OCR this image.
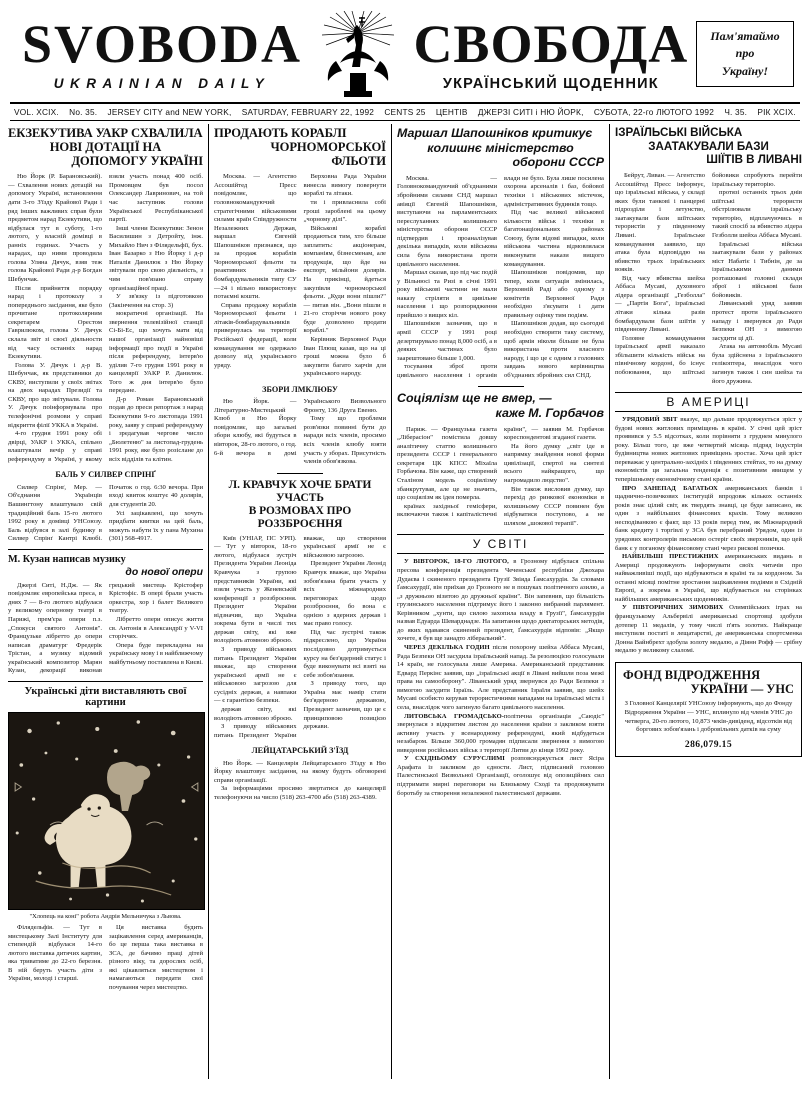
SVOBODA
UKRAINIAN DAILY
СВОБОДА
УКРАЇНСЬКИЙ ЩОДЕННИК
Пам'ятаймо
про
Україну!
VOL. XCIX. No. 35. JERSEY CITY and NEW YORK, SATURDAY, FEBRUARY 22, 1992 CENTS 25 ЦЕНТІВ ДЖЕРЗІ СИТІ і НЮ ЙОРК, СУБОТА, 22-го ЛЮТОГО 1992 Ч. 35. РІК XCIX.
ЕКЗЕКУТИВА УАКР СХВАЛИЛА
НОВІ ДОТАЦІЇ НА
ДОПОМОГУ УКРАЇНІ

Ню Йорк (Р. Барановський). — Схвалення нових дотацій на допомогу Україні, встановлення дати 3-го З'їзду Крайової Ради і ряд інших важливих справ були предметом нарад Екзекутиви, що відбулася тут в суботу, 1-го лютого, у власній домівці в ранніх годинах. Участь у нарадах, що ними проводила голова Уляна Дячук, взяв теж голова Крайової Ради д-р Богдан Шебунчак.

Після прийняття порядку нарад і протоколу з попереднього засідання, яке було прочитане протоколярним секретарем Орестом Гаврилюком, голова У. Дячук склала звіт зі своєї діяльности від часу останніх нарад Екзекутиви.

Голова У. Дячук і д-р В. Шебунчак, як представники до СКВУ, виступили у своїх звітах на двох нарадах Президії та СКВУ, про що звітували. Голова У. Дячук поінформувала про телефонічні розмови у справі відкриття філії УККА в Україні.

4-го грудня 1991 року обі двірці, УАКР і УККА, спільно влаштували вечір у справі референдуму в Україні, у якому взяли участь понад 400 осіб. Промовцем був посол Олександер Лавринович, на той час заступник голови Української Республіканської партії.

Інші члени Екзекутиви: Зенон Василишин з Детройту, інж. Михайло Нич з Філядельфії, бух. Іван Базарко з Ню Йорку і д-р Наталія Данилюк з Ню Йорку звітували про свою діяльність, з чим пов'язано справу організаційної праці.

У зв'язку із підготовкою (Закінчення на стор. 3)

мократичні організації. На звернення телевізійної станції Сі-Бі-Ес, що хочуть мати від нашої організації найновіші інформації про події в Україні після референдуму, інтерв'ю уділив 7-го грудня 1991 року в канцелярії УАКР Р. Данилюк. Того ж дня інтерв'ю було передане.

Д-р Роман Барановський подав до преси репортаж з нарад Екзекутиви 9-го листопада 1991 року, заяву у справі референдуму і зредагував чергове число „Бюлетеню" за листопад-грудень 1991 року, яке було розіслане до всіх відділів та клітин.

БАЛЬ У СИЛВЕР СПРІНҐ

Силвер Спрінґ, Мер. — Об'єднання Українців Вашингтону влаштувало свій традиційний баль 15-го лютого 1992 року в домівці УНСоюзу. Баль відбувся в залі будинку в Силвер Спрінґ Кантрі Клюбі. Початок о год. 6:30 вечора. При вході квиток коштує 40 долярів, для студентів 20.

Усі зацікавлені, що хочуть придбати квитки на цей баль, можуть набути їх у пана Мухина (301) 568-4917.

М. Кузан написав музику
до нової опери

Джерзі Ситі, Н.Дж. — Як повідомляє европейська преса, в днях 7 — 8-го лютого відбулася у великому оперному театрі в Парижі, прем'єра опери п.з. „Спокуси святого Антонія". Французьке лібретто до опери написав драматург Фредерік Трістан, а музику відомий український композитор Марян Кузан, декорації виконав грецький мистець Крістофер Крістофіс. В опері брали участь оркестра, хор і балет Великого театру.

Лібретто опери описує життя св. Антонія в Александрії у V-VI сторіччях.

Опера буде перекладена на українську мову і в найближчому майбутньому поставлена в Києві.

Українські діти виставляють свої картини
"Хлопець на коні" робота Андрія Мельничука з Львова.

Філядельфія. — Тут в мистецькому Залі Інституту для стипендій відбулася 14-го лютого виставка дитячих картин, яка триватиме до 22-го березня. В ній беруть участь діти з України, молоді і старші.

Ця виставка будить зацікавлення серед американців, бо це перша така виставка в ЗСА, де бачимо праці дітей різного віку, та дорослих осіб, які цікавляться мистецтвом і намагаються передати свої почування через мистецтво.

ПРОДАЮТЬ КОРАБЛІ
ЧОРНОМОРСЬКОЇ ФЛЬОТИ

Москва. — Агентство Ассошійтед Пресс повідомляє, що головнокомандуючий стратегічними військовими силами країн Співдружности Незалежних Держав, маршал Євгеній Шапошніков признався, що за продаж кораблів Чорноморської фльоти та реактивних літаків-бомбардувальників типу СУ—24 і вільно використовує потаємні кошти.

Справа продажу кораблів Чорноморської фльоти і літаків-бомбардувальників привернулась на території Російської федерації, коли командування не одержало дозволу від українського уряду.

Верховна Рада України винесла вимогу повернути кораблі та літаки.

ти і привласнила собі гроші зароблені на цьому „чорному ділі".

Військові кораблі продаються тим, хто більше заплатить: акціонерам, компаніям, бізнесменам, але продукція, що йде на експорт, мільйони долярів. На прикінці, йдеться закупівля чорноморської фльоти. „Куди вони пішли?" — питав він. „Вони пішли в 21-го сторіччя нового року буде дозволено продати кораблі."

Керівник Верховної Ради Іван Плющ казав, що на ці гроші можна було б закупити багато харчів для українського народу.

ЗБОРИ ЛМКЛЮБУ

Ню Йорк. — Літературно-Мистецький Клюб в Ню Йорку повідомляє, що загальні збори клюбу, які будуться в вівторок, 28-го лютого, о год. 6-й вечора в домі Українського Визвольного Фронту, 136 Друга Евеню.

Тому що проблеми розв'язки повинні бути до наради всіх членів, просимо всіх членів клюбу взяти участь у зборах. Присутність членів обов'язкова.

Л. КРАВЧУК ХОЧЕ БРАТИ УЧАСТЬ
В РОЗМОВАХ ПРО РОЗЗБРОЄННЯ

Київ (УНІАР, ПС УРП). — Тут у вівторок, 18-го лютого, відбулася зустріч Президента України Леоніда Кравчука з групою представників України, які взяли участь у Женевській конференції з роззброєння. Президент України відзначив, що Україна зокрема бути в числі тих держав світу, які вже володіють атомною зброєю.

З приводу військових питань Президент України вважає, що створення української армії не є військовою загрозою для сусідніх держав, а навпаки — є гарантією безпеки.

держав світу, які володіють атомною зброєю.

З приводу військових питань Президент України вважає, що створення української армії не є військовою загрозою.

Президент України Леонід Кравчук вважає, що Україна зобов'язана брати участь у всіх міжнародних переговорах щодо роззброєння, бо вона є однією з ядерних держав і має право голосу.

Під час зустрічі також підкреслено, що Україна послідовно дотримується курсу на без'ядерний статус і буде виконувати всі взяті на себе зобов'язання.

З приводу того, що Україна має намір стати без'ядерною державою, Президент зазначив, що це є принциповою позицією держави.

ЛЕЙЦАТАРСЬКИЙ З'ЇЗД

Ню Йорк. — Канцелярія Лейцатарського З'їзду в Ню Йорку влаштовує засідання, на якому будуть обговорені справи організації.

За інформаціями просимо звертатися до канцелярії телефонуючи на число (518) 263-4700 або (518) 263-4389.

Маршал Шапошніков критикує
колишнє міністерство
оборони СССР

Москва. — Головнокомандуючий об'єднаними збройними силами СНД маршал авіяції Євгеній Шапошніков, виступаючи на парламентських переслуханнях колишнього міністерства оборони СССР підтвердив і проаналізував декілька випадків, коли військова сила була використана проти цивільного населення.

Маршал сказав, що під час подій у Вільнюсі та Ризі в січні 1991 року військові частини не мали наказу стріляти в цивільне населення і що розпорядження прийшло з вищих кіл.

Шапошніков зазначив, що в армії СССР у 1991 році дезертирувало понад 8,000 осіб, а в деяких частинах було заарештовано більше 1,000.

тосування зброї проти цивільного населення і органів влади не було. Була лише посилена охорона арсеналів і баз, бойової техніки і військових містечок, адміністративних будинків тощо.

Під час великої військової кількости військ і техніки в багатонаціональних районах Союзу, були відомі випадки, коли військова частина відмовлялася виконувати накази вищого командування.

Шапошніков повідомив, що тепер, коли ситуація змінилась, Верховній Раді або одному з комітетів Верховної Ради необхідно з'ясувати і дати правильну оцінку тим подіям.

Шапошніков додав, що сьогодні необхідно створити таку систему, щоб армія ніколи більше не була використана проти власного народу, і що це є одним з головних завдань нового керівництва об'єднаних збройних сил СНД.

Соціялізм ще не вмер, —
каже М. Горбачов

Париж. — Французька газета „Ліберасіон" помістила довшу аналітичну статтю колишнього президента СССР і генерального секретаря ЦК КПСС Міхаїла Горбачова. Він каже, що створений Сталіном модель соціялізму збанкрутував, але це не значить, що соціялізм як ідея померла.

країнах західньої гемісфери, включаючи також і капіталістичні країни", — заявив М. Горбачов кореспондентові згаданої газети.

На його думку „світ іде в напрямку знайдення нової форми цивілізації, спертої на синтезі всього найкращого, що нагромадило людство".

Він також висловив думку, що перехід до ринкової економіки в колишньому СССР повинен був відбуватися поступово, а не шляхом „шокової терапії".

У СВІТІ

У ВІВТОРОК, 18-ГО ЛЮТОГО, в Грозному відбулася спільна пресова конференція президента Чеченської республіки Джохара Дудаєва і скиненого президента Грузії Звіяда Ґамсахурдія. За словами Ґамсахурдії, він приїхав до Грозного не в пошуках політичного азилю, а „з дружньою візитою до дружньої країни". Він запевнив, що більшість грузинського населення підтримує його і законно вибраний парлямент. Керівником „хунти, що силою захопила владу в Грузії", Ґамсахурдія назвав Едуарда Шеварднадзе. На запитання щодо диктаторських методів, до яких вдавався скинений президент, Ґамсахурдія відповів: „Якщо хочете, я був ще занадто ліберальний".

ЧЕРЕЗ ДЕКІЛЬКА ГОДИН після похорону шейха Аббаса Мусаві, Рада Безпеки ОН засудила ізраїльський напад. За резолюцією голосували 14 країн, не голосувала лише Америка. Американський представник Едвард Перкінс заявив, що „ізраїльські акції в Лівані вийшли поза межі права на самооборону". Ліванський уряд звернувся до Ради Безпеки з вимогою засудити Ізраїль. Але представник Ізраїля заявив, що шейх Мусаві особисто керував терористичними нападами на ізраїльські міста і села, внаслідок чого загинуло багато цивільного населення.

ЛИТОВСЬКА ГРОМАДСЬКО-політична організація „Саюдіс" звернулася з відкритим листом до населення країни з закликом взяти активну участь у всенародному референдумі, який відбудеться незабаром. Більше 360,000 громадян підписали звернення з вимогою виведення російських військ з території Литви до кінця 1992 року.

У СХІДНЬОМУ СУРУСЛИМІ розповсюджується лист Ясіра Арафата із закликом до єдности. Лист, підписаний головою Палестинської Визвольної Організації, оголошує від опозиційних сил підтримати мирні переговори на Близькому Сході та продовжувати боротьбу за створення незалежної палестинської держави.

ІЗРАЇЛЬСЬКІ ВІЙСЬКА
ЗААТАКУВАЛИ БАЗИ
ШІЇТІВ В ЛИВАНІ

Бейрут, Ливан. — Агентство Ассошійтед Пресс інформує, що ізраїльські війська, у складі яких були танкові і панцерні підрозділи і летунство, заатакували бази шіїтських терористів у південному Ливані. Ізраїльське командування заявило, що атака була відповіддю на вбивство трьох ізраїльських вояків.

Від часу вбивства шейха Аббаса Мусаві, духовного лідера організації „Гезболла" — „Партія Бога", ізраїльські літаки кілька разів бомбардували бази шіїтів у південному Ливані.

Головне командування ізраїльської армії наказало збільшити кількість військ на північному кордоні, бо існує побоювання, що шіїтські бойовики спробують перейти ізраїльську територію.

протязі останніх трьох днів шіїтські терористи обстрілювали ізраїльську територію, відплачуючись в такий спосіб за вбивство лідера Гезболли шейха Аббаса Мусаві.

Ізраїльські війська заатакували бази у районах міст Набатіє і Тибнін, де за ізраїльськими даними розташовані головні склади зброї і військові бази бойовиків.

Ливанський уряд заявив протест проти ізраїльського нападу і звернувся до Ради Безпеки ОН з вимогою засудити ці дії.

Атака на автомобіль Мусаві була здійснена з ізраїльського гелікоптера, внаслідок чого загинув також і син шейха та його дружина.

В АМЕРИЦІ

УРЯДОВИЙ ЗВІТ вказує, що дальше продовжується зріст у будові нових житлових приміщень в країні. У січні цей зріст проявився у 5.5 відсотках, коли порівняти з груднем минулого року. Більш того, це вже четвертий місяць підряд індустрія будівництва нових житлових приміщень зростає. Хоча цей зріст переважає у центрально-західніх і південних стейтах, то на думку економістів ця загальна тенденція є позитивним явищем у теперішньому економічному стані країни.

ПРО ЗАНЕПАД БАГАТЬОХ американських банків і щаднично-позичкових інституцій впродовж кількох останніх років знає цілий світ, як твердять знавці, це буде записано, як один з найбільших фінансових крахів. Тому великою несподіванкою є факт, що 13 років перед тим, як Міжнародний банк кредиту і торгівлі у ЗСА був перебраний Урядом, один із урядових контролерів письмово остеріг своїх зверхників, що цей банк є у поганому фінансовому стані через рискові позички.

НАЙБІЛЬШІ ПРЕСТИЖНИХ американських видань в Америці продовжують інформувати своїх читачів про найважливіші події, що відбуваються в країні та за кордоном. За останні місяці помітне зростання зацікавлення подіями в Східній Европі, а зокрема в Україні, що відбувається на сторінках найбільших американських щоденників.

У ПІВТОРИЧНИХ ЗИМОВИХ Олимпійських іграх на французькому Альбервілі американські спортовці здобули дотепер 11 медалів, у тому числі п'ять золотих. Найкраще виступили постаті в лещатарстві, де американська спортсменка Донна Вайнбрехт здобула золоту медалю, а Діянн Рофф — срібну медалю у великому слаломі.

ФОНД ВІДРОДЖЕННЯ
УКРАЇНИ — УНС

З Головної Канцелярії УНСоюзу інформують, що до Фонду Відродження України — УНС, вплинуло від членів УНС до четверга, 20-го лютого, 10,873 чеків-дивіденд, відсотків від боргових зобов'язань і добровільних датків на суму

286,079.15
